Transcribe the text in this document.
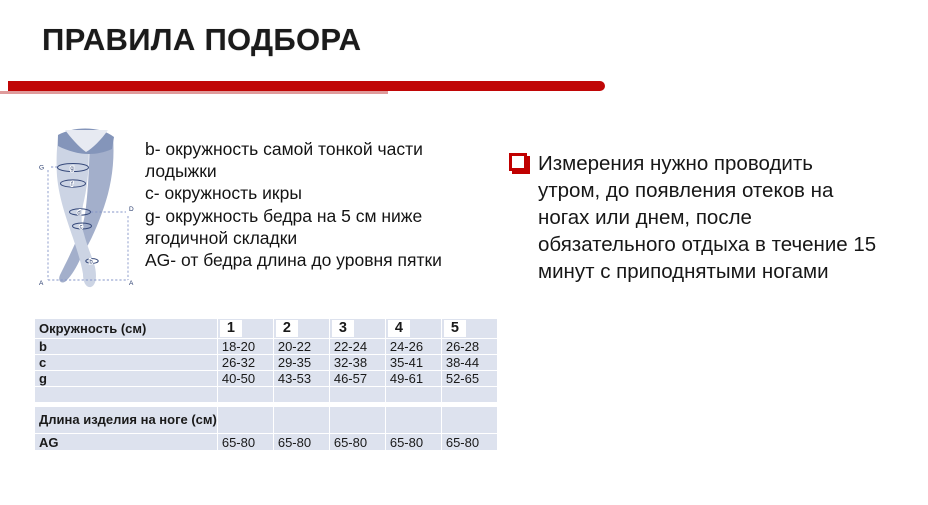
ПРАВИЛА ПОДБОРА
G	g
f
d
D
c
b
A	A
b- окружность самой тонкой части
лодыжки
c- окружность икры
g- окружность бедра на 5 см ниже
ягодичной складки
AG- от бедра длина до уровня пятки
Измерения нужно проводить
утром, до появления отеков на
ногах или днем, после
обязательного отдыха в течение 15
минут с приподнятыми ногами
Окружность (см)	1	2	3	4	5
b	18-20	20-22	22-24	24-26	26-28
c	26-32	29-35	32-38	35-41	38-44
g	40-50	43-53	46-57	49-61	52-65

Длина изделия на ноге (см)					
AG	65-80	65-80	65-80	65-80	65-80
